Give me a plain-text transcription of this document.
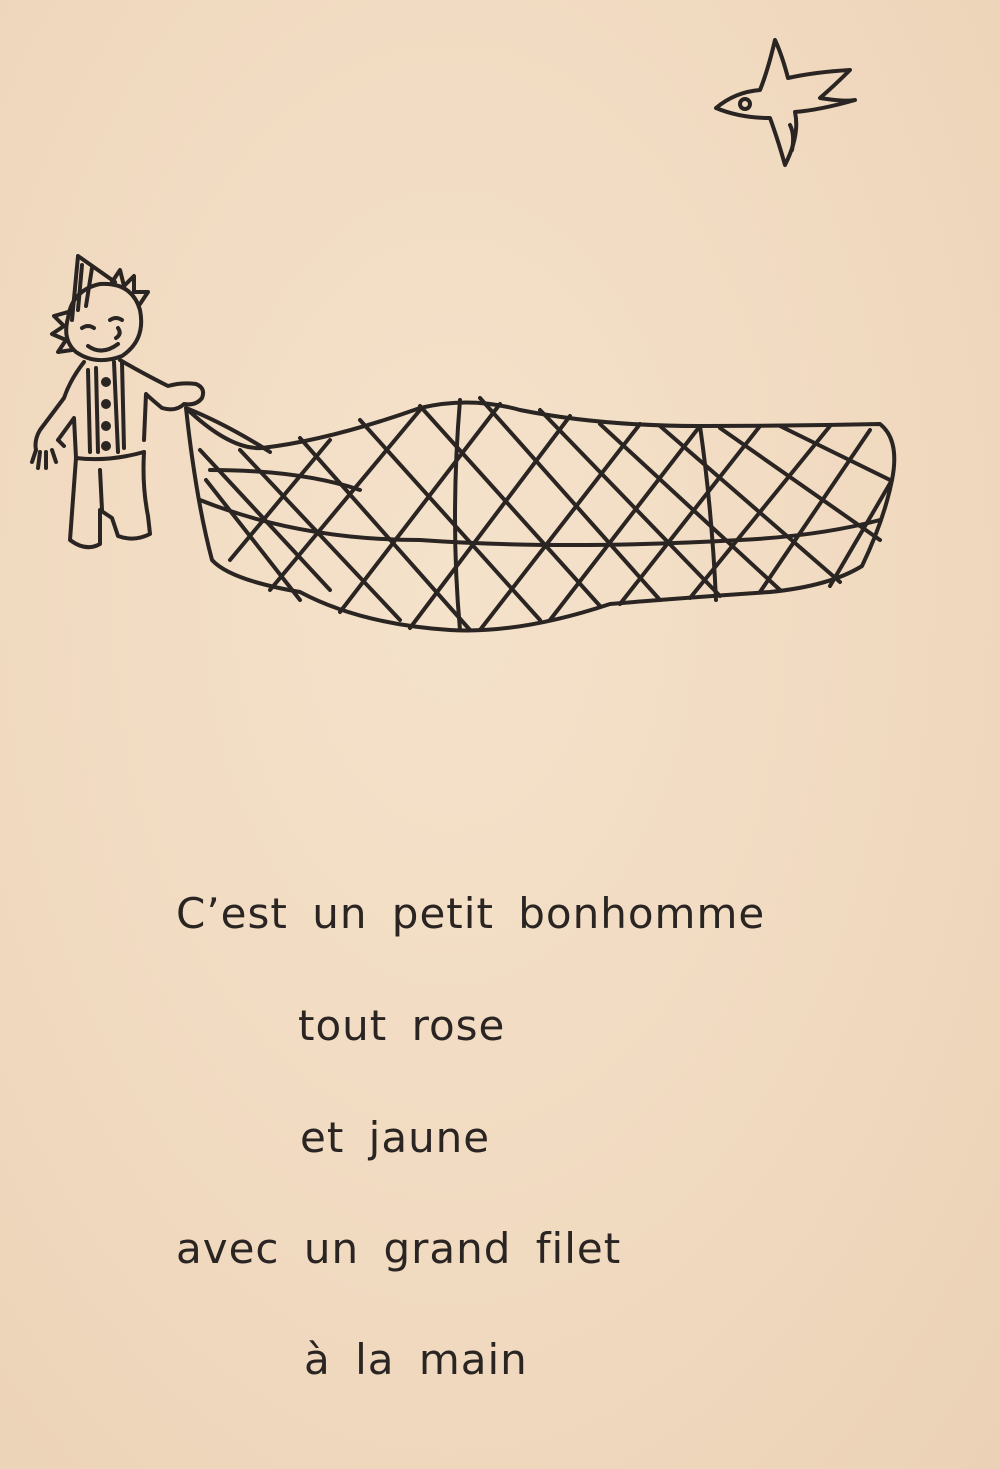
C’est un petit bonhomme
tout rose
et jaune
avec un grand filet
à la main
